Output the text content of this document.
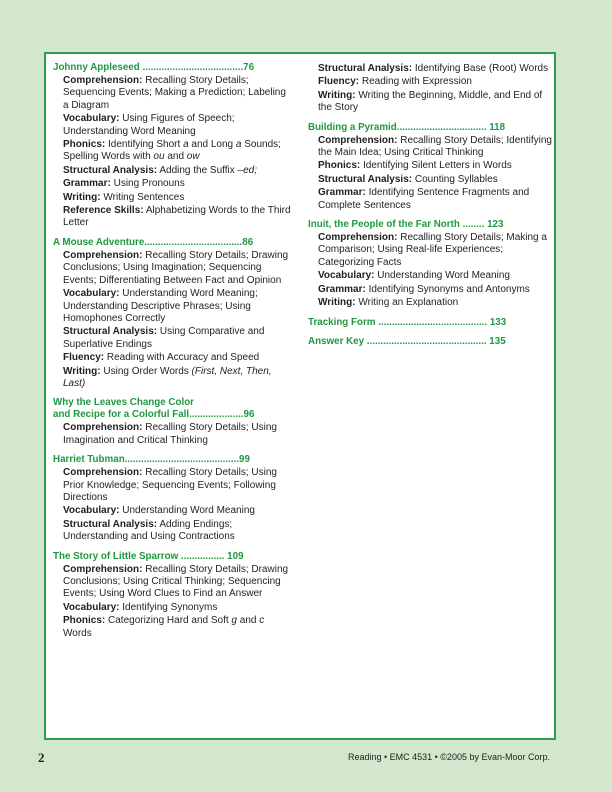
Johnny Appleseed .....................................76
Comprehension: Recalling Story Details; Sequencing Events; Making a Prediction; Labeling a Diagram
Vocabulary: Using Figures of Speech; Understanding Word Meaning
Phonics: Identifying Short a and Long a Sounds; Spelling Words with ou and ow
Structural Analysis: Adding the Suffix –ed;
Grammar: Using Pronouns
Writing: Writing Sentences
Reference Skills: Alphabetizing Words to the Third Letter
A Mouse Adventure....................................86
Comprehension: Recalling Story Details; Drawing Conclusions; Using Imagination; Sequencing Events; Differentiating Between Fact and Opinion
Vocabulary: Understanding Word Meaning; Understanding Descriptive Phrases; Using Homophones Correctly
Structural Analysis: Using Comparative and Superlative Endings
Fluency: Reading with Accuracy and Speed
Writing: Using Order Words (First, Next, Then, Last)
Why the Leaves Change Color
and Recipe for a Colorful Fall....................96
Comprehension: Recalling Story Details; Using Imagination and Critical Thinking
Harriet Tubman..........................................99
Comprehension: Recalling Story Details; Using Prior Knowledge; Sequencing Events; Following Directions
Vocabulary: Understanding Word Meaning
Structural Analysis: Adding Endings; Understanding and Using Contractions
The Story of Little Sparrow ................ 109
Comprehension: Recalling Story Details; Drawing Conclusions; Using Critical Thinking; Sequencing Events; Using Word Clues to Find an Answer
Vocabulary: Identifying Synonyms
Phonics: Categorizing Hard and Soft g and c Words
Structural Analysis: Identifying Base (Root) Words
Fluency: Reading with Expression
Writing: Writing the Beginning, Middle, and End of the Story
Building a Pyramid................................. 118
Comprehension: Recalling Story Details; Identifying the Main Idea; Using Critical Thinking
Phonics: Identifying Silent Letters in Words
Structural Analysis: Counting Syllables
Grammar: Identifying Sentence Fragments and Complete Sentences
Inuit, the People of the Far North ........ 123
Comprehension: Recalling Story Details; Making a Comparison; Using Real-life Experiences; Categorizing Facts
Vocabulary: Understanding Word Meaning
Grammar: Identifying Synonyms and Antonyms
Writing: Writing an Explanation
Tracking Form ........................................ 133
Answer Key ............................................ 135
2	Reading • EMC 4531 • ©2005 by Evan-Moor Corp.
